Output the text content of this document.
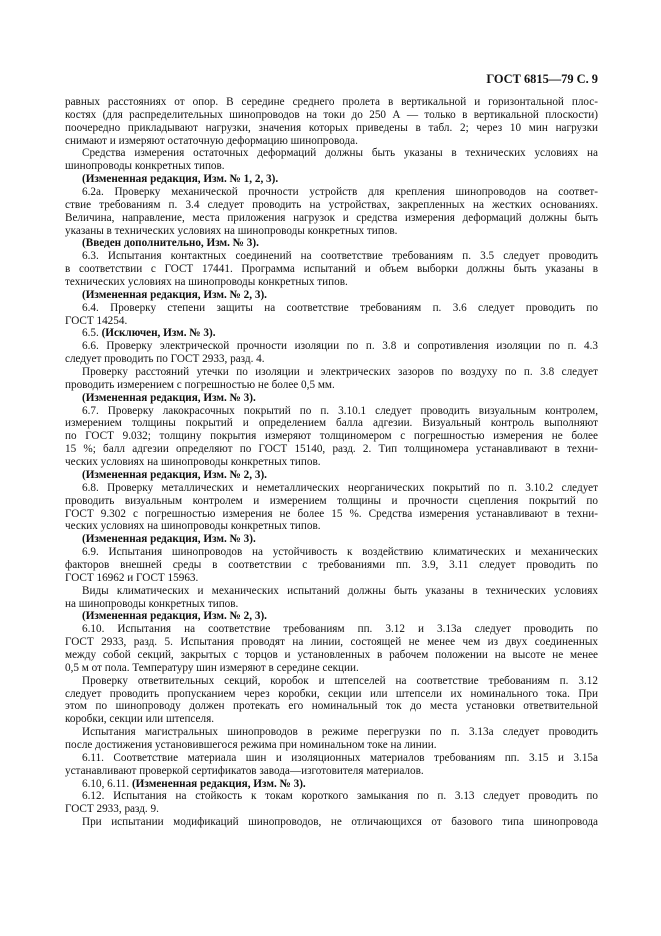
ГОСТ 6815—79 С. 9
равных расстояниях от опор. В середине среднего пролета в вертикальной и горизонтальной плос-
костях (для распределительных шинопроводов на токи до 250 А — только в вертикальной плоскости)
поочередно прикладывают нагрузки, значения которых приведены в табл. 2; через 10 мин нагрузки
снимают и измеряют остаточную деформацию шинопровода.
Средства измерения остаточных деформаций должны быть указаны в технических условиях на
шинопроводы конкретных типов.
(Измененная редакция, Изм. № 1, 2, 3).
6.2а. Проверку механической прочности устройств для крепления шинопроводов на соответ-
ствие требованиям п. 3.4 следует проводить на устройствах, закрепленных на жестких основаниях.
Величина, направление, места приложения нагрузок и средства измерения деформаций должны быть
указаны в технических условиях на шинопроводы конкретных типов.
(Введен дополнительно, Изм. № 3).
6.3. Испытания контактных соединений на соответствие требованиям п. 3.5 следует проводить
в соответствии с ГОСТ 17441. Программа испытаний и объем выборки должны быть указаны в
технических условиях на шинопроводы конкретных типов.
(Измененная редакция, Изм. № 2, 3).
6.4. Проверку степени защиты на соответствие требованиям п. 3.6 следует проводить по
ГОСТ 14254.
6.5. (Исключен, Изм. № 3).
6.6. Проверку электрической прочности изоляции по п. 3.8 и сопротивления изоляции по п. 4.3
следует проводить по ГОСТ 2933, разд. 4.
Проверку расстояний утечки по изоляции и электрических зазоров по воздуху по п. 3.8 следует
проводить измерением с погрешностью не более 0,5 мм.
(Измененная редакция, Изм. № 3).
6.7. Проверку лакокрасочных покрытий по п. 3.10.1 следует проводить визуальным контролем,
измерением толщины покрытий и определением балла адгезии. Визуальный контроль выполняют
по ГОСТ 9.032; толщину покрытия измеряют толщиномером с погрешностью измерения не более
15 %; балл адгезии определяют по ГОСТ 15140, разд. 2. Тип толщиномера устанавливают в техни-
ческих условиях на шинопроводы конкретных типов.
(Измененная редакция, Изм. № 2, 3).
6.8. Проверку металлических и неметаллических неорганических покрытий по п. 3.10.2 следует
проводить визуальным контролем и измерением толщины и прочности сцепления покрытий по
ГОСТ 9.302 с погрешностью измерения не более 15 %. Средства измерения устанавливают в техни-
ческих условиях на шинопроводы конкретных типов.
(Измененная редакция, Изм. № 3).
6.9. Испытания шинопроводов на устойчивость к воздействию климатических и механических
факторов внешней среды в соответствии с требованиями пп. 3.9, 3.11 следует проводить по
ГОСТ 16962 и ГОСТ 15963.
Виды климатических и механических испытаний должны быть указаны в технических условиях
на шинопроводы конкретных типов.
(Измененная редакция, Изм. № 2, 3).
6.10. Испытания на соответствие требованиям пп. 3.12 и 3.13а следует проводить по
ГОСТ 2933, разд. 5. Испытания проводят на линии, состоящей не менее чем из двух соединенных
между собой секций, закрытых с торцов и установленных в рабочем положении на высоте не менее
0,5 м от пола. Температуру шин измеряют в середине секции.
Проверку ответвительных секций, коробок и штепселей на соответствие требованиям п. 3.12
следует проводить пропусканием через коробки, секции или штепсели их номинального тока. При
этом по шинопроводу должен протекать его номинальный ток до места установки ответвительной
коробки, секции или штепселя.
Испытания магистральных шинопроводов в режиме перегрузки по п. 3.13а следует проводить
после достижения установившегося режима при номинальном токе на линии.
6.11. Соответствие материала шин и изоляционных материалов требованиям пп. 3.15 и 3.15а
устанавливают проверкой сертификатов завода—изготовителя материалов.
6.10, 6.11. (Измененная редакция, Изм. № 3).
6.12. Испытания на стойкость к токам короткого замыкания по п. 3.13 следует проводить по
ГОСТ 2933, разд. 9.
При испытании модификаций шинопроводов, не отличающихся от базового типа шинопровода
